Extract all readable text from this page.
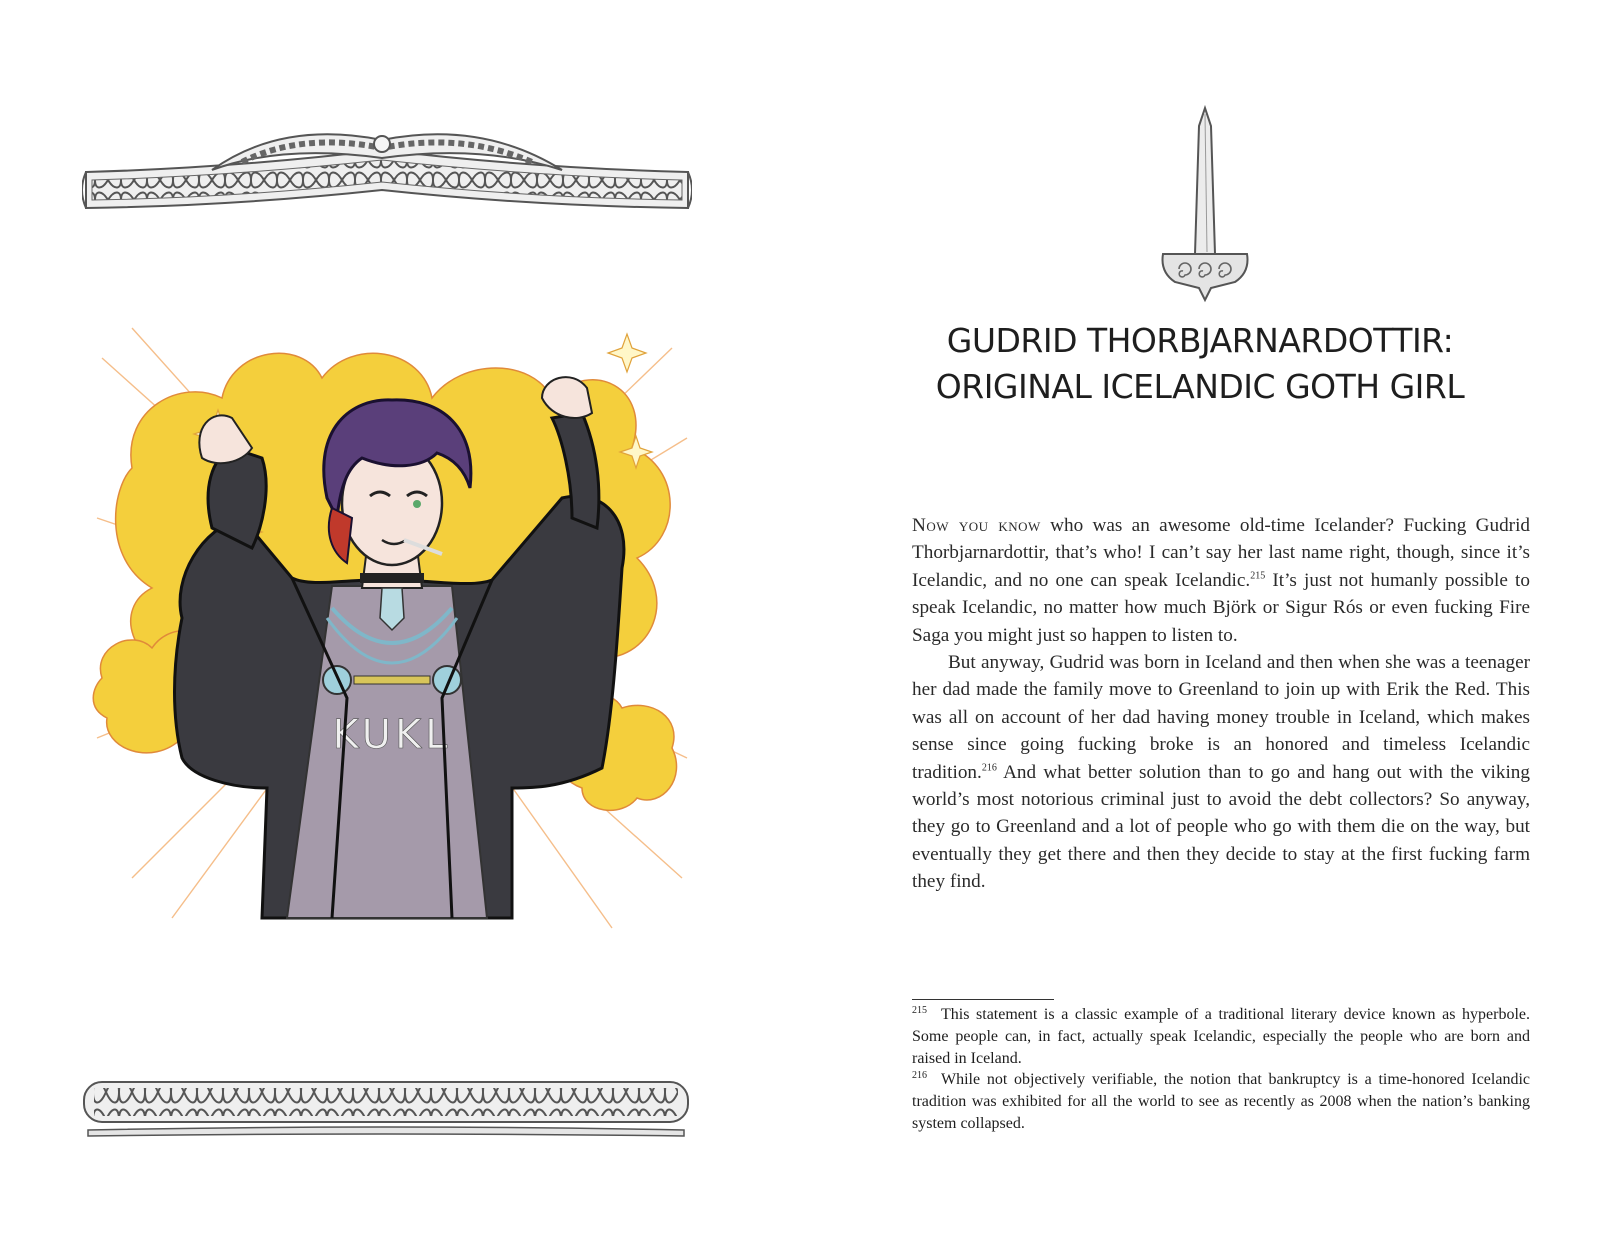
KUKL
GUDRID THORBJARNARDOTTIR:
ORIGINAL ICELANDIC GOTH GIRL

Now you know who was an awesome old-time Icelander? Fucking Gudrid Thorbjarnardottir, that’s who! I can’t say her last name right, though, since it’s Icelandic, and no one can speak Icelandic.$^{215}$ It’s just not humanly possible to speak Icelandic, no matter how much Björk or Sigur Rós or even fucking Fire Saga you might just so happen to listen to.

But anyway, Gudrid was born in Iceland and then when she was a teenager her dad made the family move to Greenland to join up with Erik the Red. This was all on account of her dad having money trouble in Iceland, which makes sense since going fucking broke is an honored and timeless Icelandic tradition.$^{216}$ And what better solution than to go and hang out with the viking world’s most notorious criminal just to avoid the debt collectors? So anyway, they go to Greenland and a lot of people who go with them die on the way, but eventually they get there and then they decide to stay at the first fucking farm they find.

$^{215}$ This statement is a classic example of a traditional literary device known as hyperbole. Some people can, in fact, actually speak Icelandic, especially the people who are born and raised in Iceland.

$^{216}$ While not objectively verifiable, the notion that bankruptcy is a time-honored Icelandic tradition was exhibited for all the world to see as recently as 2008 when the nation’s banking system collapsed.
